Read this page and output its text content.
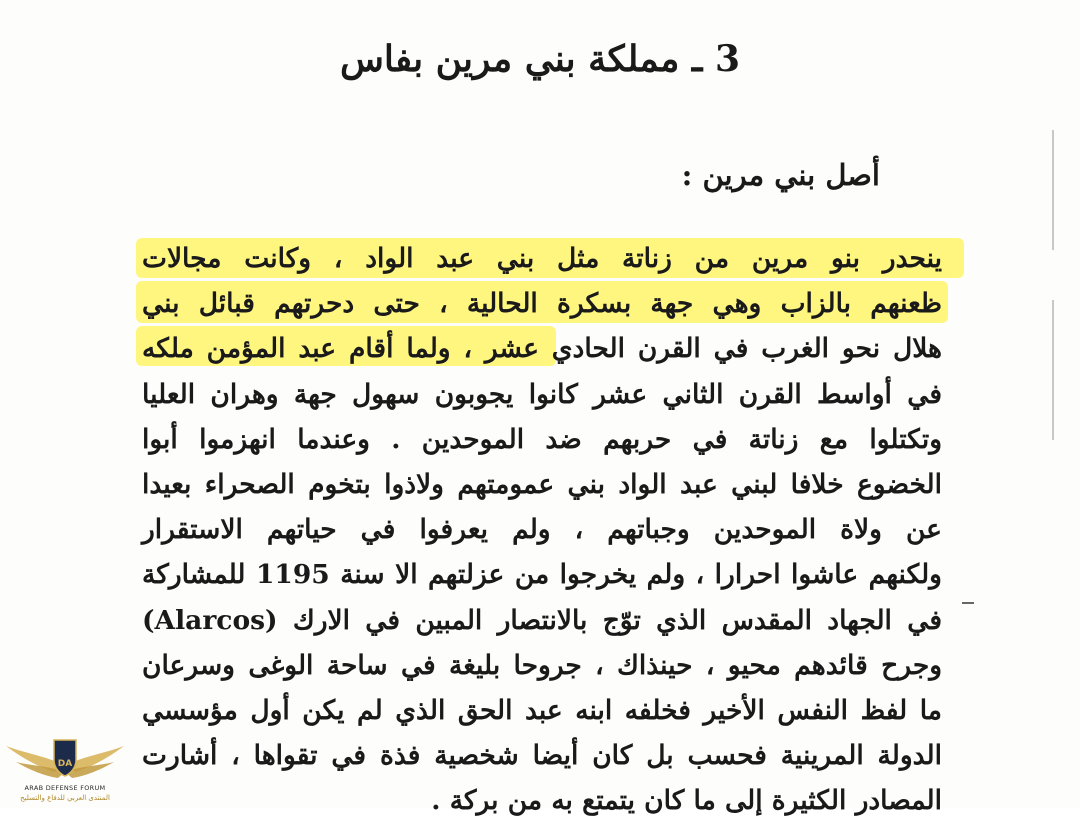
3 ـ مملكة بني مرين بفاس
أصل بني مرين :
ينحدر بنو مرين من زناتة مثل بني عبد الواد ، وكانت مجالات
ظعنهم بالزاب وهي جهة بسكرة الحالية ، حتى دحرتهم قبائل بني
هلال نحو الغرب في القرن الحادي عشر ، ولما أقام عبد المؤمن ملكه
في أواسط القرن الثاني عشر كانوا يجوبون سهول جهة وهران العليا
وتكتلوا مع زناتة في حربهم ضد الموحدين . وعندما انهزموا أبوا
الخضوع خلافا لبني عبد الواد بني عمومتهم ولاذوا بتخوم الصحراء بعيدا
عن ولاة الموحدين وجباتهم ، ولم يعرفوا في حياتهم الاستقرار
ولكنهم عاشوا احرارا ، ولم يخرجوا من عزلتهم الا سنة 1195 للمشاركة
في الجهاد المقدس الذي توّج بالانتصار المبين في الارك (Alarcos)
وجرح قائدهم محيو ، حينذاك ، جروحا بليغة في ساحة الوغى وسرعان
ما لفظ النفس الأخير فخلفه ابنه عبد الحق الذي لم يكن أول مؤسسي
الدولة المرينية فحسب بل كان أيضا شخصية فذة في تقواها ، أشارت
المصادر الكثيرة إلى ما كان يتمتع به من بركة .
DA
ARAB DEFENSE FORUM
المنتدى العربي للدفاع والتسليح
